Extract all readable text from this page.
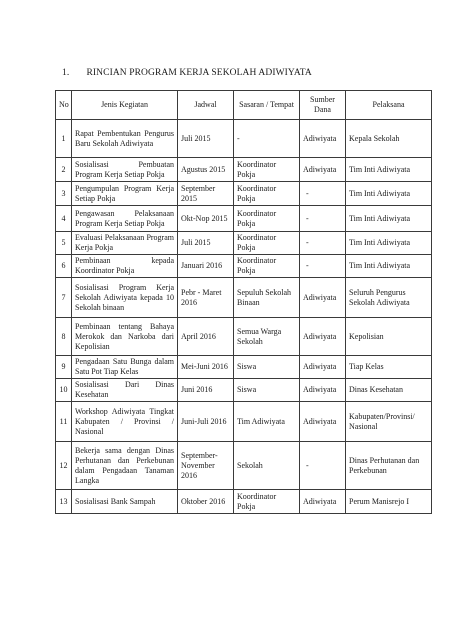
1. RINCIAN PROGRAM KERJA SEKOLAH ADIWIYATA
No	Jenis Kegiatan	Jadwal	Sasaran / Tempat	Sumber Dana	Pelaksana
1	Rapat Pembentukan Pengurus Baru Sekolah Adiwiyata	Juli 2015	-	Adiwiyata	Kepala Sekolah
2	Sosialisasi Pembuatan Program Kerja Setiap Pokja	Agustus 2015	Koordinator Pokja	Adiwiyata	Tim Inti Adiwiyata
3	Pengumpulan Program Kerja Setiap Pokja	September 2015	Koordinator Pokja	-	Tim Inti Adiwiyata
4	Pengawasan Pelaksanaan Program Kerja Setiap Pokja	Okt-Nop 2015	Koordinator Pokja	-	Tim Inti Adiwiyata
5	Evaluasi Pelaksanaan Program Kerja Pokja	Juli 2015	Koordinator Pokja	-	Tim Inti Adiwiyata
6	Pembinaan kepada Koordinator Pokja	Januari 2016	Koordinator Pokja	-	Tim Inti Adiwiyata
7	Sosialisasi Program Kerja Sekolah Adiwiyata kepada 10 Sekolah binaan	Pebr - Maret 2016	Sepuluh Sekolah Binaan	Adiwiyata	Seluruh Pengurus Sekolah Adiwiyata
8	Pembinaan tentang Bahaya Merokok dan Narkoba dari Kepolisian	April 2016	Semua Warga Sekolah	Adiwiyata	Kepolisian
9	Pengadaan Satu Bunga dalam Satu Pot Tiap Kelas	Mei-Juni 2016	Siswa	Adiwiyata	Tiap Kelas
10	Sosialisasi Dari Dinas Kesehatan	Juni 2016	Siswa	Adiwiyata	Dinas Kesehatan
11	Workshop Adiwiyata Tingkat Kabupaten / Provinsi / Nasional	Juni-Juli 2016	Tim Adiwiyata	Adiwiyata	Kabupaten/Provinsi/ Nasional
12	Bekerja sama dengan Dinas Perhutanan dan Perkebunan dalam Pengadaan Tanaman Langka	September-November 2016	Sekolah	-	Dinas Perhutanan dan Perkebunan
13	Sosialisasi Bank Sampah	Oktober 2016	Koordinator Pokja	Adiwiyata	Perum Manisrejo I
